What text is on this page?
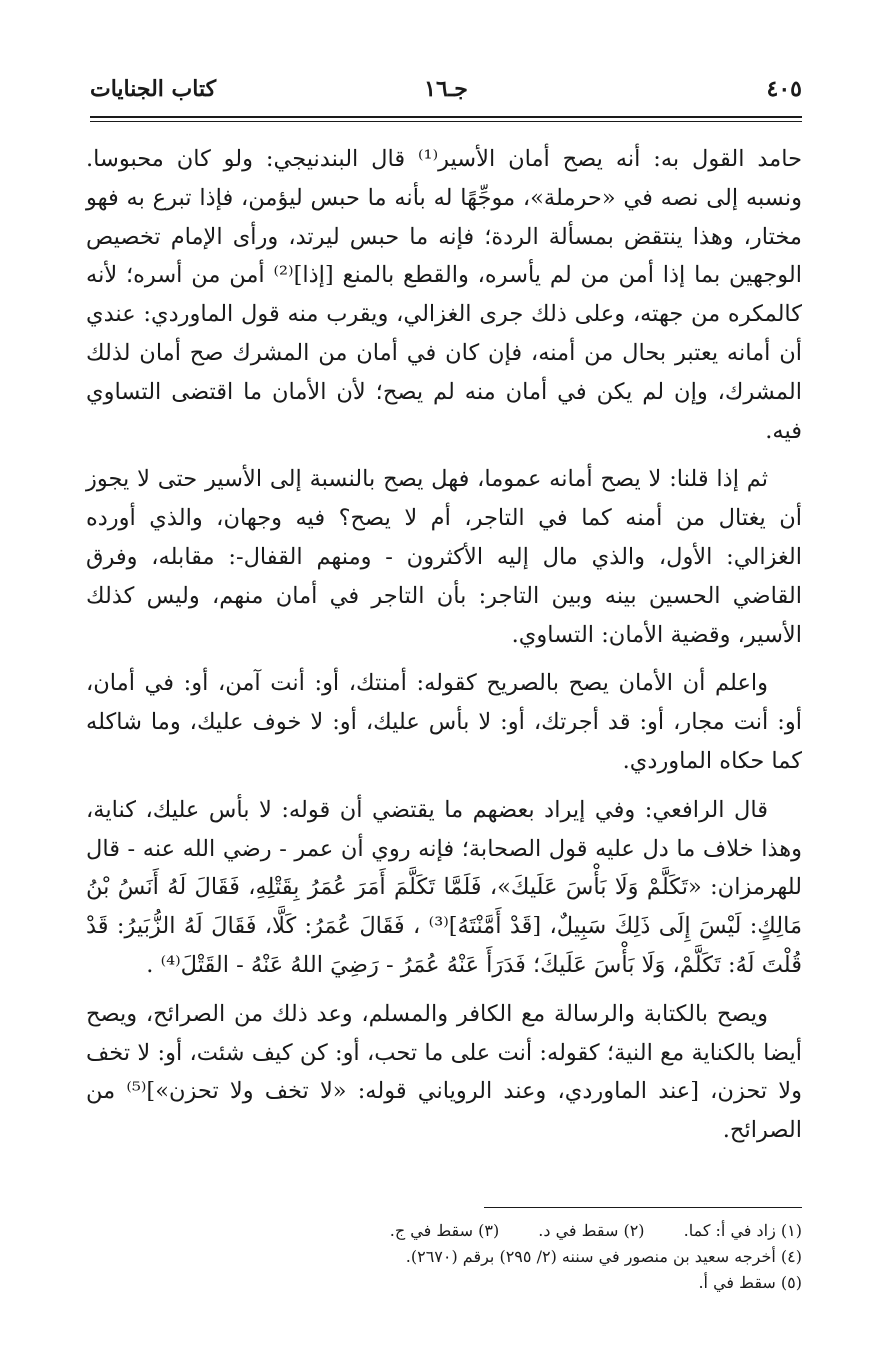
٤٠٥
جـ١٦
كتاب الجنايات

حامد القول به: أنه يصح أمان الأسير⁽¹⁾ قال البندنيجي: ولو كان محبوسا. ونسبه إلى نصه في «حرملة»، موجِّهًا له بأنه ما حبس ليؤمن، فإذا تبرع به فهو مختار، وهذا ينتقض بمسألة الردة؛ فإنه ما حبس ليرتد، ورأى الإمام تخصيص الوجهين بما إذا أمن من لم يأسره، والقطع بالمنع [إذا]⁽²⁾ أمن من أسره؛ لأنه كالمكره من جهته، وعلى ذلك جرى الغزالي، ويقرب منه قول الماوردي: عندي أن أمانه يعتبر بحال من أمنه، فإن كان في أمان من المشرك صح أمان لذلك المشرك، وإن لم يكن في أمان منه لم يصح؛ لأن الأمان ما اقتضى التساوي فيه.

ثم إذا قلنا: لا يصح أمانه عموما، فهل يصح بالنسبة إلى الأسير حتى لا يجوز أن يغتال من أمنه كما في التاجر، أم لا يصح؟ فيه وجهان، والذي أورده الغزالي: الأول، والذي مال إليه الأكثرون - ومنهم القفال-: مقابله، وفرق القاضي الحسين بينه وبين التاجر: بأن التاجر في أمان منهم، وليس كذلك الأسير، وقضية الأمان: التساوي.

واعلم أن الأمان يصح بالصريح كقوله: أمنتك، أو: أنت آمن، أو: في أمان، أو: أنت مجار، أو: قد أجرتك، أو: لا بأس عليك، أو: لا خوف عليك، وما شاكله كما حكاه الماوردي.

قال الرافعي: وفي إيراد بعضهم ما يقتضي أن قوله: لا بأس عليك، كناية، وهذا خلاف ما دل عليه قول الصحابة؛ فإنه روي أن عمر - رضي الله عنه - قال للهرمزان: «تَكَلَّمْ وَلَا بَأْسَ عَلَيكَ»، فَلَمَّا تَكَلَّمَ أَمَرَ عُمَرُ بِقَتْلِهِ، فَقَالَ لَهُ أَنَسُ بْنُ مَالِكٍ: لَيْسَ إِلَى ذَلِكَ سَبِيلٌ، [قَدْ أَمَّنْتَهُ]⁽³⁾ ، فَقَالَ عُمَرُ: كَلَّا، فَقَالَ لَهُ الزُّبَيرُ: قَدْ قُلْتَ لَهُ: تَكَلَّمْ، وَلَا بَأْسَ عَلَيكَ؛ فَدَرَأَ عَنْهُ عُمَرُ - رَضِيَ اللهُ عَنْهُ - القَتْلَ⁽⁴⁾ .

ويصح بالكتابة والرسالة مع الكافر والمسلم، وعد ذلك من الصرائح، ويصح أيضا بالكناية مع النية؛ كقوله: أنت على ما تحب، أو: كن كيف شئت، أو: لا تخف ولا تحزن، [عند الماوردي، وعند الروياني قوله: «لا تخف ولا تحزن»]⁽⁵⁾ من الصرائح.

(١) زاد في أ: كما. (٢) سقط في د. (٣) سقط في ج.
(٤) أخرجه سعيد بن منصور في سننه (٢/ ٢٩٥) برقم (٢٦٧٠).
(٥) سقط في أ.
